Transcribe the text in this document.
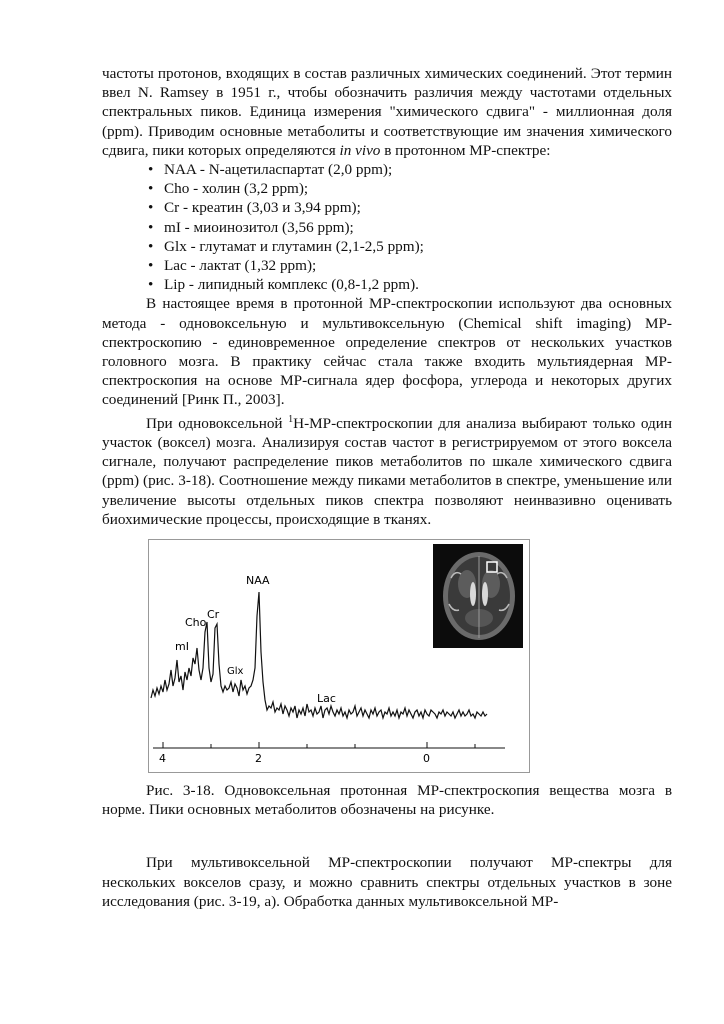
частоты протонов, входящих в состав различных химических соединений. Этот термин ввел N. Ramsey в 1951 г., чтобы обозначить различия между частотами отдельных спектральных пиков. Единица измерения "химического сдвига" - миллионная доля (ppm). Приводим основные метаболиты и соответствующие им значения химического сдвига, пики которых определяются in vivo в протонном МР-спектре:

• NAA - N-ацетиласпартат (2,0 ppm);
• Cho - холин (3,2 ppm);
• Cr - креатин (3,03 и 3,94 ppm);
• mI - миоинозитол (3,56 ppm);
• Glx - глутамат и глутамин (2,1-2,5 ppm);
• Lac - лактат (1,32 ppm);
• Lip - липидный комплекс (0,8-1,2 ppm).

В настоящее время в протонной МР-спектроскопии используют два основных метода - одновоксельную и мультивоксельную (Chemical shift imaging) МР-спектроскопию - единовременное определение спектров от нескольких участков головного мозга. В практику сейчас стала также входить мультиядерная МР-спектроскопия на основе МР-сигнала ядер фосфора, углерода и некоторых других соединений [Ринк П., 2003].

При одновоксельной $^1$Н-МР-спектроскопии для анализа выбирают только один участок (воксел) мозга. Анализируя состав частот в регистрируемом от этого воксела сигнале, получают распределение пиков метаболитов по шкале химического сдвига (ppm) (рис. 3-18). Соотношение между пиками метаболитов в спектре, уменьшение или увеличение высоты отдельных пиков спектра позволяют неинвазивно оценивать биохимические процессы, происходящие в тканях.

NAA
Cho
Cr
mI
Glx
Lac
4	2	0

Рис. 3-18. Одновоксельная протонная МР-спектроскопия вещества мозга в норме. Пики основных метаболитов обозначены на рисунке.

При мультивоксельной МР-спектроскопии получают МР-спектры для нескольких вокселов сразу, и можно сравнить спектры отдельных участков в зоне исследования (рис. 3-19, а). Обработка данных мультивоксельной МР-
